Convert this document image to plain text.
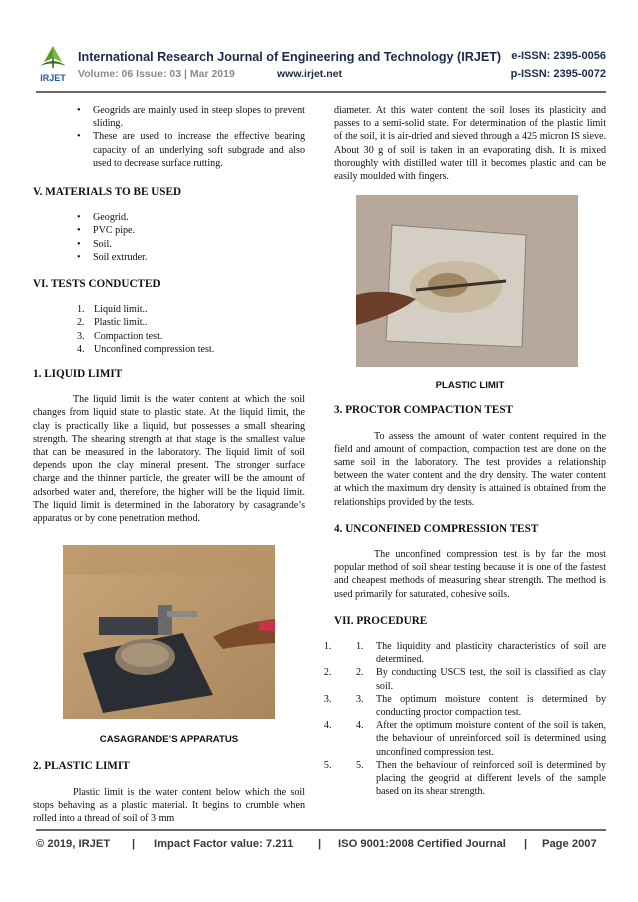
IRJET
International Research Journal of Engineering and Technology (IRJET) e-ISSN: 2395-0056
Volume: 06 Issue: 03 | Mar 2019	www.irjet.net	p-ISSN: 2395-0072
• Geogrids are mainly used in steep slopes to prevent sliding.
• These are used to increase the effective bearing capacity of an underlying soft subgrade and also used to decrease surface rutting.
V. MATERIALS TO BE USED
• Geogrid.
• PVC pipe.
• Soil.
• Soil extruder.
VI. TESTS CONDUCTED
1. Liquid limit..
2. Plastic limit..
3. Compaction test.
4. Unconfined compression test.
1. LIQUID LIMIT

The liquid limit is the water content at which the soil changes from liquid state to plastic state. At the liquid limit, the clay is practically like a liquid, but possesses a small shearing strength. The shearing strength at that stage is the smallest value that can be measured in the laboratory. The liquid limit of soil depends upon the clay mineral present. The stronger surface charge and the thinner particle, the greater will be the amount of adsorbed water and, therefore, the higher will be the liquid limit. The liquid limit is determined in the laboratory by casagrande’s apparatus or by cone penetration method.

CASAGRANDE’S APPARATUS
2. PLASTIC LIMIT

Plastic limit is the water content below which the soil stops behaving as a plastic material. It begins to crumble when rolled into a thread of soil of 3 mm

diameter. At this water content the soil loses its plasticity and passes to a semi-solid state. For determination of the plastic limit of the soil, it is air-dried and sieved through a 425 micron IS sieve. About 30 g of soil is taken in an evaporating dish. It is mixed thoroughly with distilled water till it becomes plastic and can be easily moulded with fingers.

PLASTIC LIMIT
3. PROCTOR COMPACTION TEST

To assess the amount of water content required in the field and amount of compaction, compaction test are done on the same soil in the laboratory. The test provides a relationship between the water content and the dry density. The water content at which the maximum dry density is attained is obtained from the relationships provided by the tests.

4. UNCONFINED COMPRESSION TEST

The unconfined compression test is by far the most popular method of soil shear testing because it is one of the fastest and cheapest methods of measuring shear strength. The method is used primarily for saturated, cohesive soils.

VII. PROCEDURE
1. 1. The liquidity and plasticity characteristics of soil are determined.
2. 2. By conducting USCS test, the soil is classified as clay soil.
3. 3. The optimum moisture content is determined by conducting proctor compaction test.
4. 4. After the optimum moisture content of the soil is taken, the behaviour of unreinforced soil is determined using unconfined compression test.
5. 5. Then the behaviour of reinforced soil is determined by placing the geogrid at different levels of the sample based on its shear strength.
© 2019, IRJET | Impact Factor value: 7.211 | ISO 9001:2008 Certified Journal | Page 2007
